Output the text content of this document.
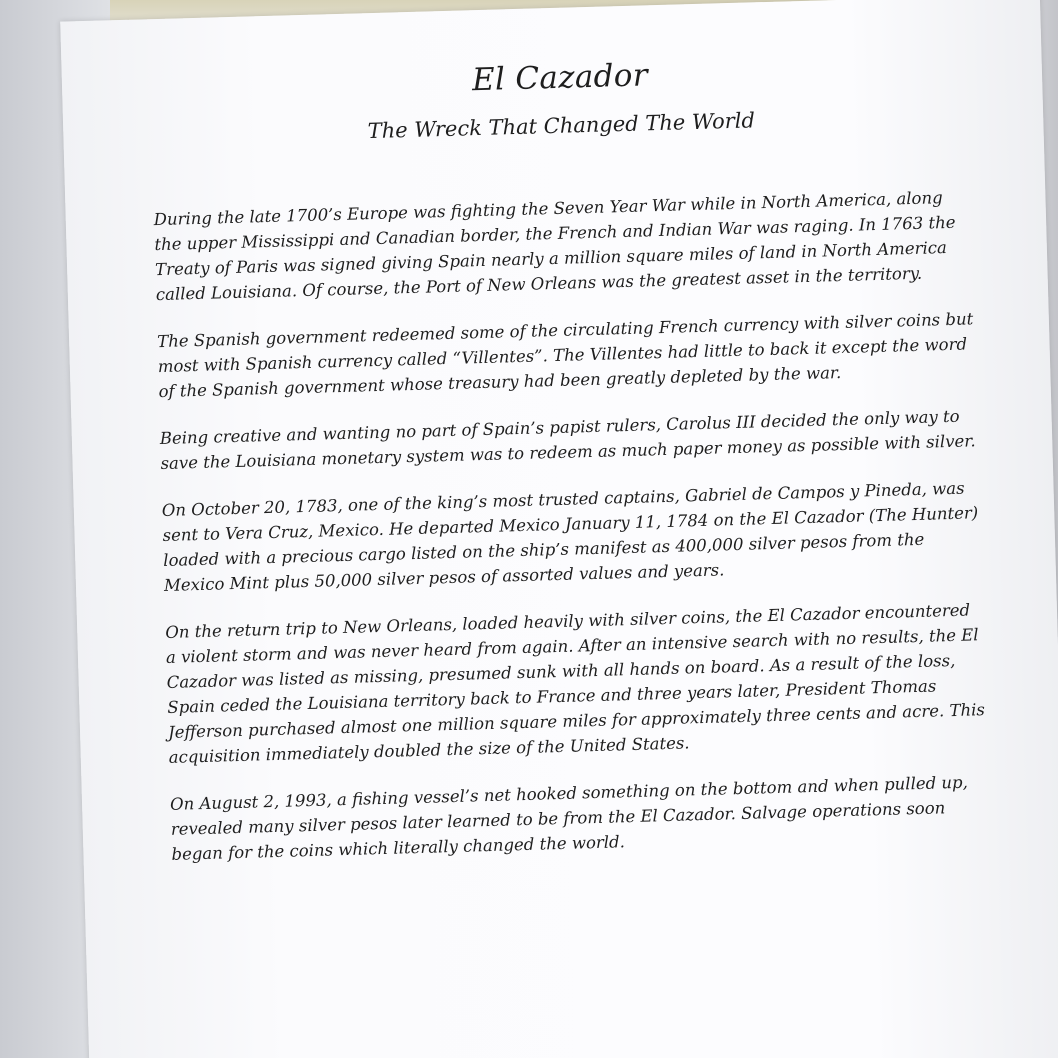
El Cazador
The Wreck That Changed The World

During the late 1700’s Europe was fighting the Seven Year War while in North America, along the upper Mississippi and Canadian border, the French and Indian War was raging. In 1763 the Treaty of Paris was signed giving Spain nearly a million square miles of land in North America called Louisiana. Of course, the Port of New Orleans was the greatest asset in the territory.

The Spanish government redeemed some of the circulating French currency with silver coins but most with Spanish currency called “Villentes”. The Villentes had little to back it except the word of the Spanish government whose treasury had been greatly depleted by the war.

Being creative and wanting no part of Spain’s papist rulers, Carolus III decided the only way to save the Louisiana monetary system was to redeem as much paper money as possible with silver.

On October 20, 1783, one of the king’s most trusted captains, Gabriel de Campos y Pineda, was sent to Vera Cruz, Mexico. He departed Mexico January 11, 1784 on the El Cazador (The Hunter) loaded with a precious cargo listed on the ship’s manifest as 400,000 silver pesos from the Mexico Mint plus 50,000 silver pesos of assorted values and years.

On the return trip to New Orleans, loaded heavily with silver coins, the El Cazador encountered a violent storm and was never heard from again. After an intensive search with no results, the El Cazador was listed as missing, presumed sunk with all hands on board. As a result of the loss, Spain ceded the Louisiana territory back to France and three years later, President Thomas Jefferson purchased almost one million square miles for approximately three cents and acre. This acquisition immediately doubled the size of the United States.

On August 2, 1993, a fishing vessel’s net hooked something on the bottom and when pulled up, revealed many silver pesos later learned to be from the El Cazador. Salvage operations soon began for the coins which literally changed the world.
